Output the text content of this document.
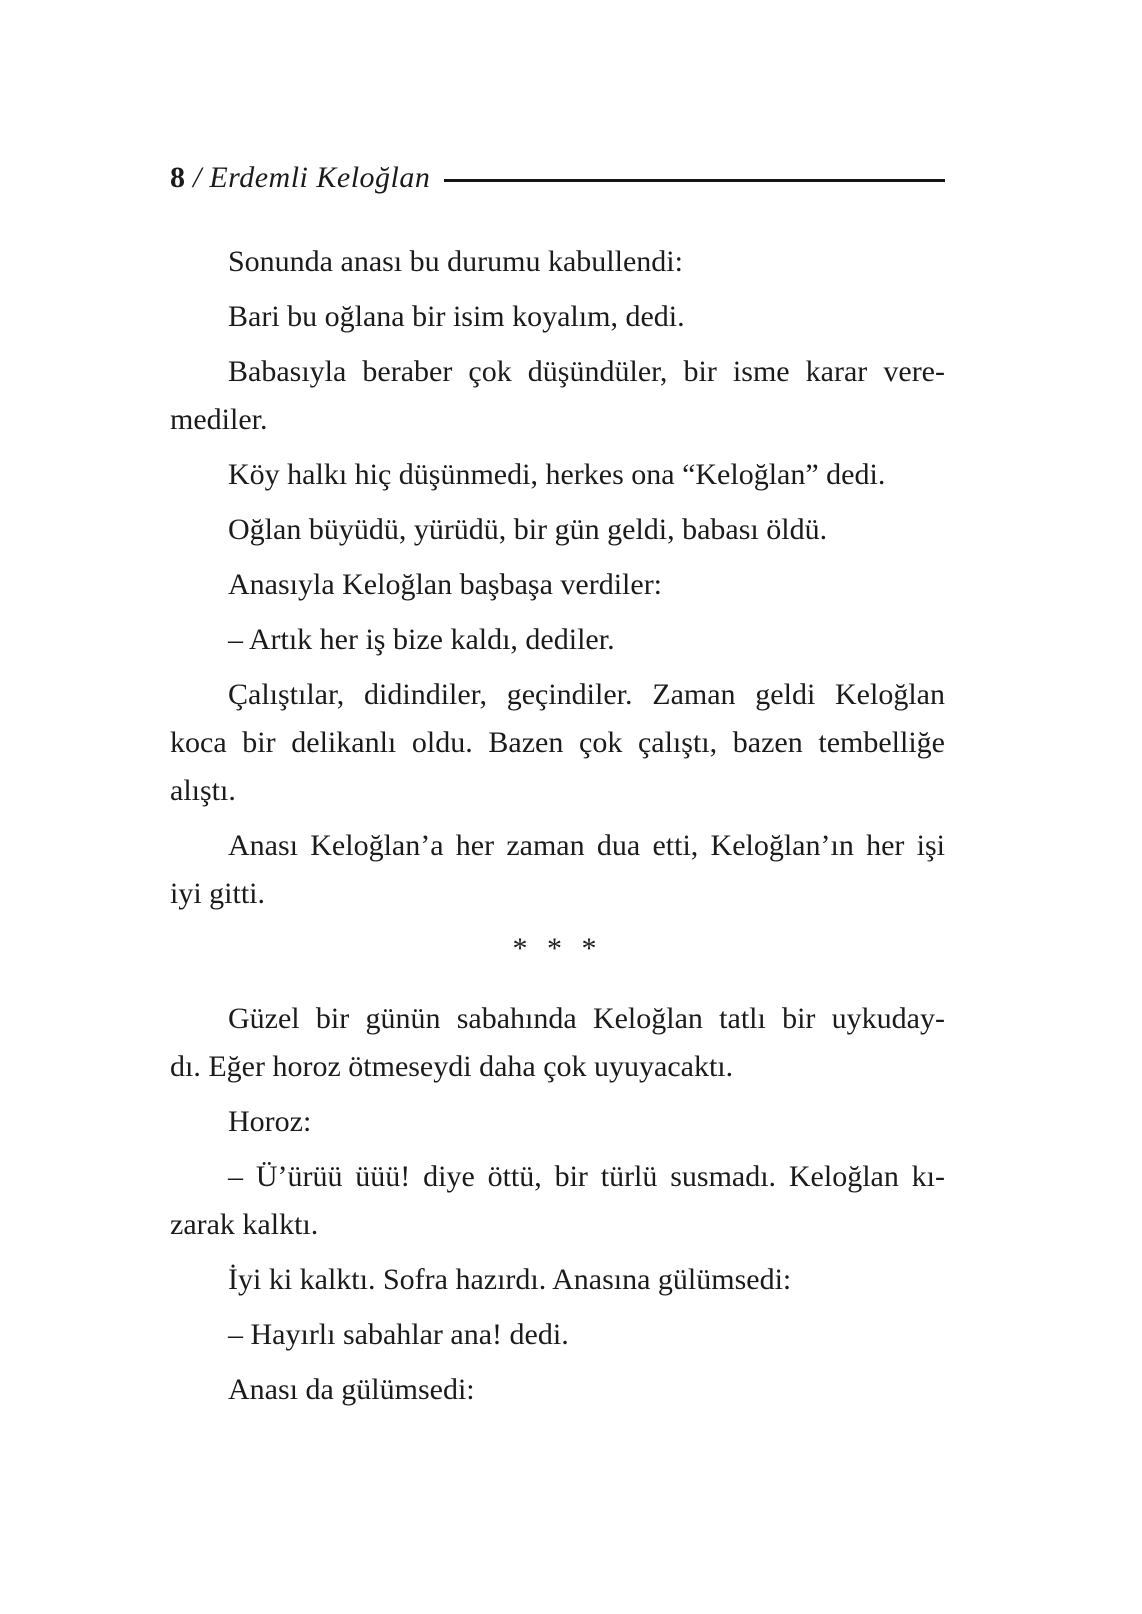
8 / Erdemli Keloğlan

Sonunda anası bu durumu kabullendi:

Bari bu oğlana bir isim koyalım, dedi.

Babasıyla beraber çok düşündüler, bir isme karar vere-
mediler.

Köy halkı hiç düşünmedi, herkes ona “Keloğlan” dedi.

Oğlan büyüdü, yürüdü, bir gün geldi, babası öldü.

Anasıyla Keloğlan başbaşa verdiler:

– Artık her iş bize kaldı, dediler.

Çalıştılar, didindiler, geçindiler. Zaman geldi Keloğlan
koca bir delikanlı oldu. Bazen çok çalıştı, bazen tembelliğe
alıştı.

Anası Keloğlan’a her zaman dua etti, Keloğlan’ın her işi
iyi gitti.

* * *

Güzel bir günün sabahında Keloğlan tatlı bir uykuday-
dı. Eğer horoz ötmeseydi daha çok uyuyacaktı.

Horoz:

– Ü’ürüü üüü! diye öttü, bir türlü susmadı. Keloğlan kı-
zarak kalktı.

İyi ki kalktı. Sofra hazırdı. Anasına gülümsedi:

– Hayırlı sabahlar ana! dedi.

Anası da gülümsedi:
